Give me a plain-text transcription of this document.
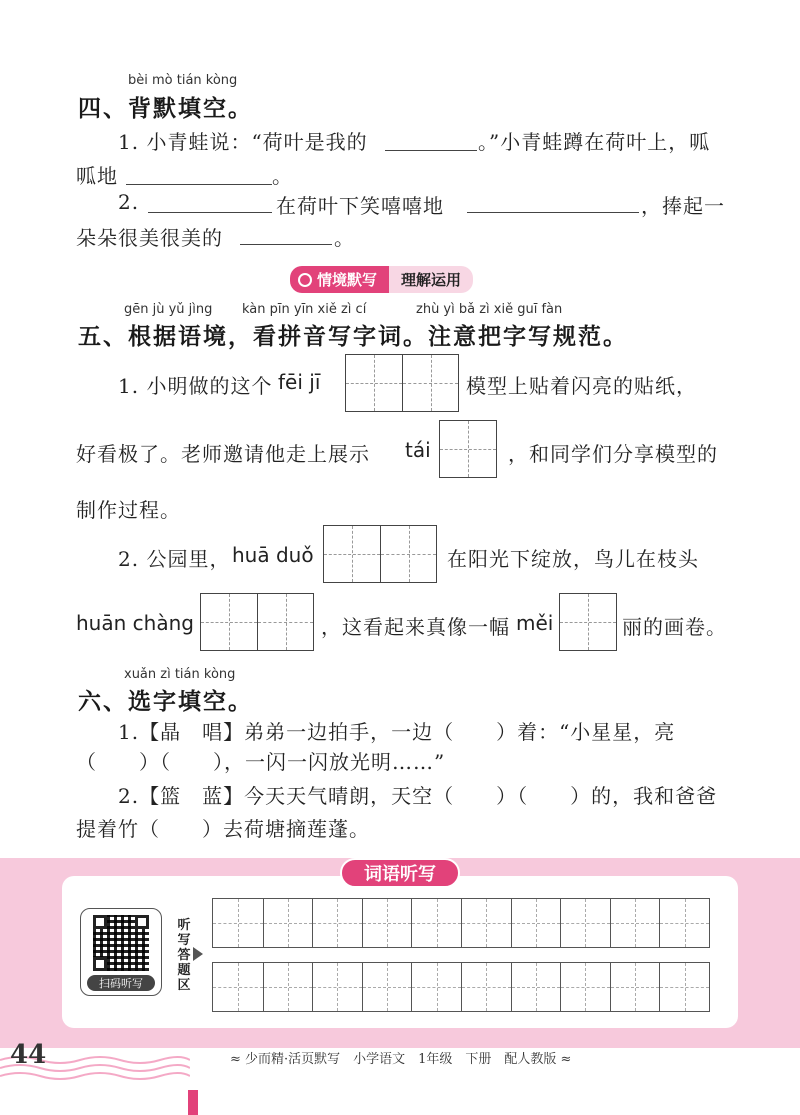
bèi mò tián kòng
四、背默填空。
1. 小青蛙说：“荷叶是我的	。”小青蛙蹲在荷叶上，呱
呱地	。
2.	在荷叶下笑嘻嘻地	，捧起一
朵朵很美很美的	。
情境默写	理解运用
gēn jù yǔ jìng kàn pīn yīn xiě zì cí	zhù yì bǎ zì xiě guī fàn
五、根据语境，看拼音写字词。注意把字写规范。
1. 小明做的这个 fēi jī	模型上贴着闪亮的贴纸，
好看极了。老师邀请他走上展示 tái	，和同学们分享模型的
制作过程。
2. 公园里， huā duǒ	在阳光下绽放，鸟儿在枝头
huān chàng	，这看起来真像一幅 měi	丽的画卷。
xuǎn zì tián kòng
六、选字填空。
1.【晶　唱】弟弟一边拍手，一边（　　）着：“小星星，亮
（　　）（　　），一闪一闪放光明……”
2.【篮　蓝】今天天气晴朗，天空（　　）（　　）的，我和爸爸
提着竹（　　）去荷塘摘莲蓬。
词语听写
扫码听写
听
写
答
题
区
44	≈ 少而精·活页默写　小学语文　1年级　下册　配人教版 ≈
